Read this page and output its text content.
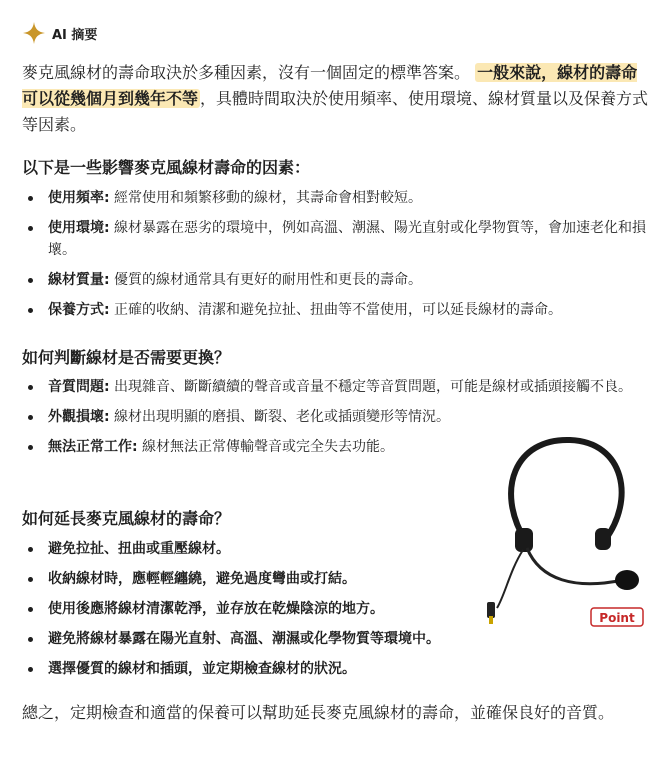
AI 摘要
麥克風線材的壽命取決於多種因素，沒有一個固定的標準答案。 一般來說，線材的壽命可以從幾個月到幾年不等 ，具體時間取決於使用頻率、使用環境、線材質量以及保養方式等因素。
以下是一些影響麥克風線材壽命的因素：
使用頻率: 經常使用和頻繁移動的線材，其壽命會相對較短。
使用環境: 線材暴露在惡劣的環境中，例如高溫、潮濕、陽光直射或化學物質等，會加速老化和損壞。
線材質量: 優質的線材通常具有更好的耐用性和更長的壽命。
保養方式: 正確的收納、清潔和避免拉扯、扭曲等不當使用，可以延長線材的壽命。
如何判斷線材是否需要更換？
音質問題: 出現雜音、斷斷續續的聲音或音量不穩定等音質問題，可能是線材或插頭接觸不良。
外觀損壞: 線材出現明顯的磨損、斷裂、老化或插頭變形等情況。
無法正常工作: 線材無法正常傳輸聲音或完全失去功能。
如何延長麥克風線材的壽命？
避免拉扯、扭曲或重壓線材。
收納線材時，應輕輕纏繞，避免過度彎曲或打結。
使用後應將線材清潔乾淨，並存放在乾燥陰涼的地方。
避免將線材暴露在陽光直射、高溫、潮濕或化學物質等環境中。
選擇優質的線材和插頭，並定期檢查線材的狀況。
Point
總之，定期檢查和適當的保養可以幫助延長麥克風線材的壽命，並確保良好的音質。
